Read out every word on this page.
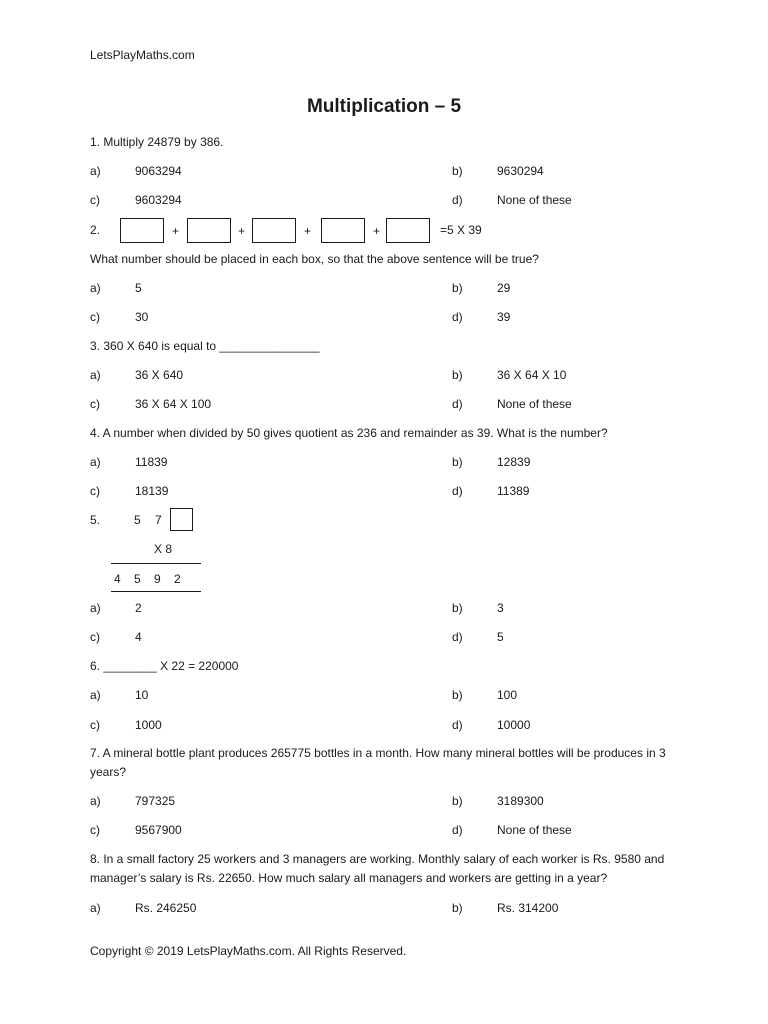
LetsPlayMaths.com
Multiplication – 5
1. Multiply 24879 by 386.
a)	9063294	b)	9630294
c)	9603294	d)	None of these
2.	+	+	+	+	=5 X 39
What number should be placed in each box, so that the above sentence will be true?
a)	5	b)	29
c)	30	d)	39
3. 360 X 640 is equal to _______________
a)	36 X 640	b)	36 X 64 X 10
c)	36 X 64 X 100	d)	None of these
4. A number when divided by 50 gives quotient as 236 and remainder as 39. What is the number?
a)	11839	b)	12839
c)	18139	d)	11389
5.	5 7
X 8
4 5 9 2
a)	2	b)	3
c)	4	d)	5
6. ________ X 22 = 220000
a)	10	b)	100
c)	1000	d)	10000
7. A mineral bottle plant produces 265775 bottles in a month. How many mineral bottles will be produces in 3 years?
a)	797325	b)	3189300
c)	9567900	d)	None of these
8. In a small factory 25 workers and 3 managers are working. Monthly salary of each worker is Rs. 9580 and manager’s salary is Rs. 22650. How much salary all managers and workers are getting in a year?
a)	Rs. 246250	b)	Rs. 314200
Copyright © 2019 LetsPlayMaths.com. All Rights Reserved.
